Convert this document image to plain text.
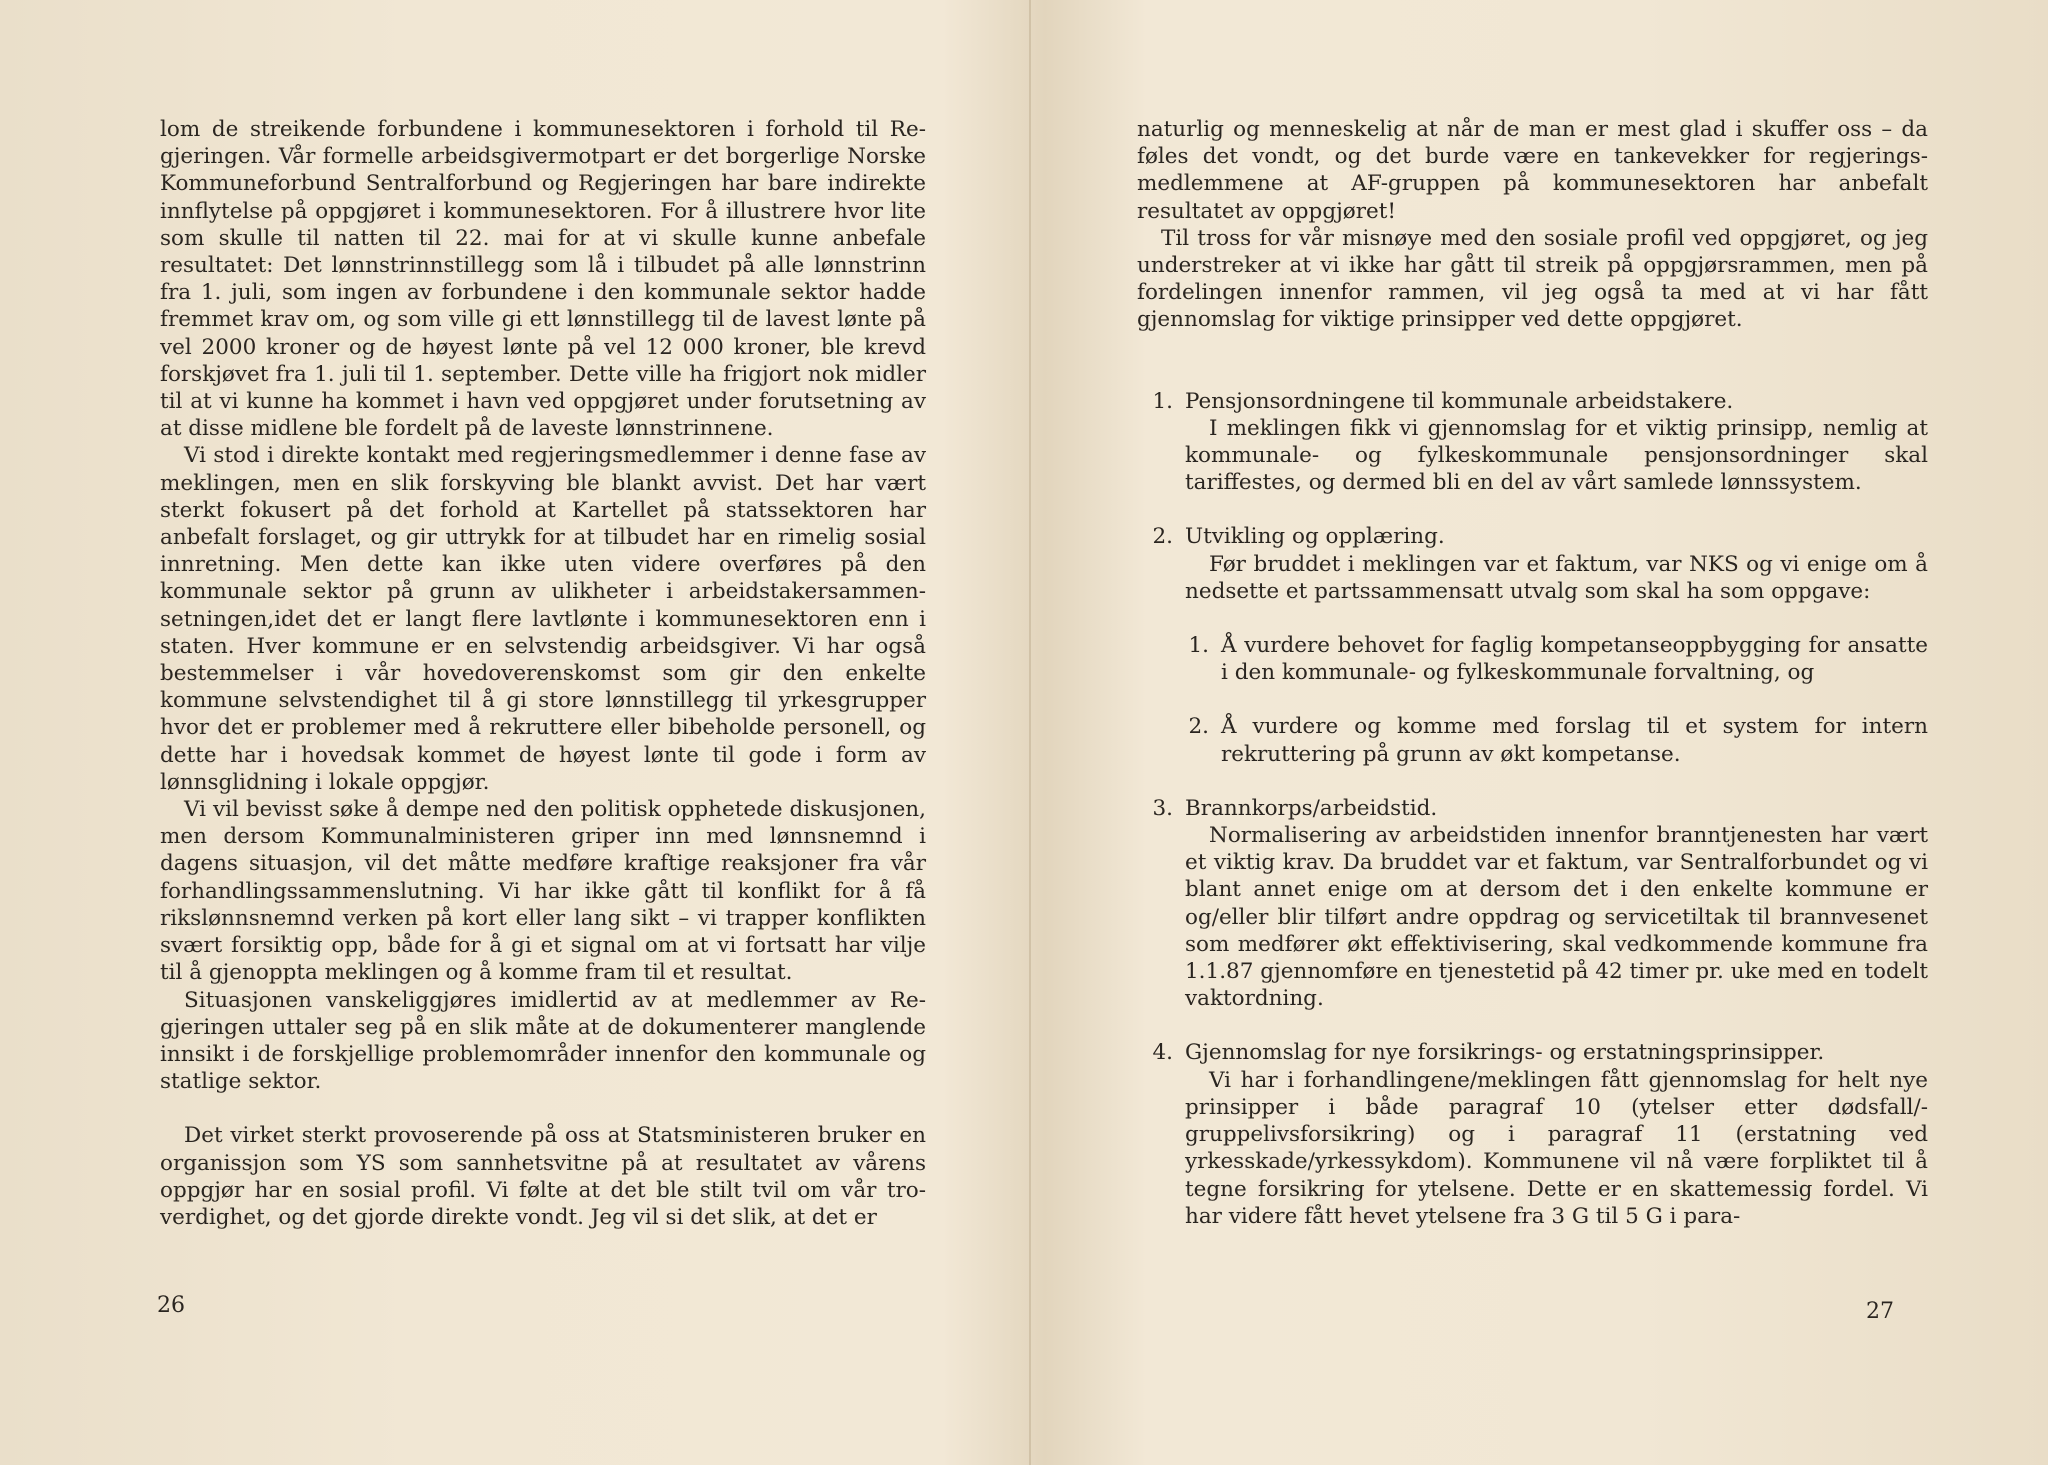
lom de streikende forbundene i kommunesektoren i forhold til Regjeringen. Vår formelle arbeidsgivermotpart er det borgerlige Norske Kommuneforbund Sentralforbund og Regjeringen har bare indirekte innflytelse på oppgjøret i kommunesektoren. For å illustrere hvor lite som skulle til natten til 22. mai for at vi skulle kunne anbefale resultatet: Det lønnstrinnstillegg som lå i tilbudet på alle lønnstrinn fra 1. juli, som ingen av forbundene i den kommunale sektor hadde fremmet krav om, og som ville gi ett lønnstillegg til de lavest lønte på vel 2000 kroner og de høyest lønte på vel 12 000 kroner, ble krevd forskjøvet fra 1. juli til 1. september. Dette ville ha frigjort nok midler til at vi kunne ha kommet i havn ved oppgjøret under forutsetning av at disse midlene ble fordelt på de laveste lønnstrinnene.

Vi stod i direkte kontakt med regjeringsmedlemmer i denne fase av meklingen, men en slik forskyving ble blankt avvist. Det har vært sterkt fokusert på det forhold at Kartellet på statssektoren har anbefalt forslaget, og gir uttrykk for at tilbudet har en rimelig sosial innretning. Men dette kan ikke uten videre overføres på den kommunale sektor på grunn av ulikheter i arbeidstakersammensetningen,idet det er langt flere lavtlønte i kommunesektoren enn i staten. Hver kommune er en selvstendig arbeidsgiver. Vi har også bestemmelser i vår hovedoverenskomst som gir den enkelte kommune selvstendighet til å gi store lønnstillegg til yrkesgrupper hvor det er problemer med å rekruttere eller bibeholde personell, og dette har i hovedsak kommet de høyest lønte til gode i form av lønnsglidning i lokale oppgjør.

Vi vil bevisst søke å dempe ned den politisk opphetede diskusjonen, men dersom Kommunalministeren griper inn med lønnsnemnd i dagens situasjon, vil det måtte medføre kraftige reaksjoner fra vår forhandlingssammenslutning. Vi har ikke gått til konflikt for å få rikslønnsnemnd verken på kort eller lang sikt – vi trapper konflikten svært forsiktig opp, både for å gi et signal om at vi fortsatt har vilje til å gjenoppta meklingen og å komme fram til et resultat.

Situasjonen vanskeliggjøres imidlertid av at medlemmer av Regjeringen uttaler seg på en slik måte at de dokumenterer manglende innsikt i de forskjellige problemområder innenfor den kommunale og statlige sektor.

Det virket sterkt provoserende på oss at Statsministeren bruker en organissjon som YS som sannhetsvitne på at resultatet av vårens oppgjør har en sosial profil. Vi følte at det ble stilt tvil om vår troverdighet, og det gjorde direkte vondt. Jeg vil si det slik, at det er

26

naturlig og menneskelig at når de man er mest glad i skuffer oss – da føles det vondt, og det burde være en tankevekker for regjerings-medlemmene at AF-gruppen på kommunesektoren har anbefalt resultatet av oppgjøret!

Til tross for vår misnøye med den sosiale profil ved oppgjøret, og jeg understreker at vi ikke har gått til streik på oppgjørsrammen, men på fordelingen innenfor rammen, vil jeg også ta med at vi har fått gjennomslag for viktige prinsipper ved dette oppgjøret.

1. Pensjonsordningene til kommunale arbeidstakere.
I meklingen fikk vi gjennomslag for et viktig prinsipp, nemlig at kommunale- og fylkeskommunale pensjonsordninger skal tariffestes, og dermed bli en del av vårt samlede lønnssystem.
2. Utvikling og opplæring.
Før bruddet i meklingen var et faktum, var NKS og vi enige om å nedsette et partssammensatt utvalg som skal ha som oppgave:
1. Å vurdere behovet for faglig kompetanseoppbygging for ansatte i den kommunale- og fylkeskommunale forvaltning, og
2. Å vurdere og komme med forslag til et system for intern rekruttering på grunn av økt kompetanse.
3. Brannkorps/arbeidstid.
Normalisering av arbeidstiden innenfor branntjenesten har vært et viktig krav. Da bruddet var et faktum, var Sentralforbundet og vi blant annet enige om at dersom det i den enkelte kommune er og/eller blir tilført andre oppdrag og servicetiltak til brannvesenet som medfører økt effektivisering, skal vedkommende kommune fra 1.1.87 gjennomføre en tjenestetid på 42 timer pr. uke med en todelt vaktordning.
4. Gjennomslag for nye forsikrings- og erstatningsprinsipper.
Vi har i forhandlingene/meklingen fått gjennomslag for helt nye prinsipper i både paragraf 10 (ytelser etter dødsfall/-gruppelivsforsikring) og i paragraf 11 (erstatning ved yrkesskade/yrkessykdom). Kommunene vil nå være forpliktet til å tegne forsikring for ytelsene. Dette er en skattemessig fordel. Vi har videre fått hevet ytelsene fra 3 G til 5 G i para-
27
